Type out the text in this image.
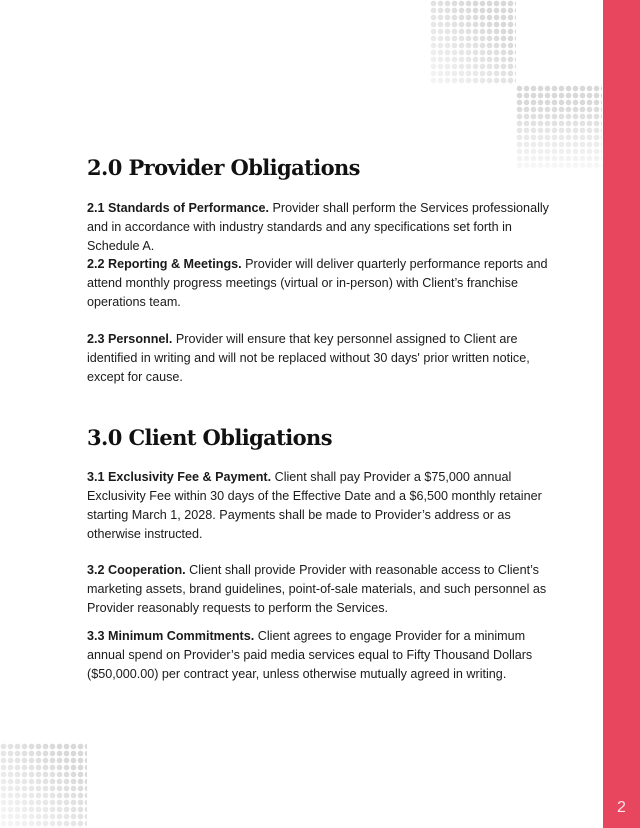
2
2.0 Provider Obligations

2.1 Standards of Performance. Provider shall perform the Services professionally and in accordance with industry standards and any specifications set forth in Schedule A.

2.2 Reporting & Meetings. Provider will deliver quarterly performance reports and attend monthly progress meetings (virtual or in-person) with Client’s franchise operations team.

2.3 Personnel. Provider will ensure that key personnel assigned to Client are identified in writing and will not be replaced without 30 days' prior written notice, except for cause.

3.0 Client Obligations

3.1 Exclusivity Fee & Payment. Client shall pay Provider a $75,000 annual Exclusivity Fee within 30 days of the Effective Date and a $6,500 monthly retainer starting March 1, 2028. Payments shall be made to Provider’s address or as otherwise instructed.

3.2 Cooperation. Client shall provide Provider with reasonable access to Client’s marketing assets, brand guidelines, point-of-sale materials, and such personnel as Provider reasonably requests to perform the Services.

3.3 Minimum Commitments. Client agrees to engage Provider for a minimum annual spend on Provider’s paid media services equal to Fifty Thousand Dollars ($50,000.00) per contract year, unless otherwise mutually agreed in writing.
